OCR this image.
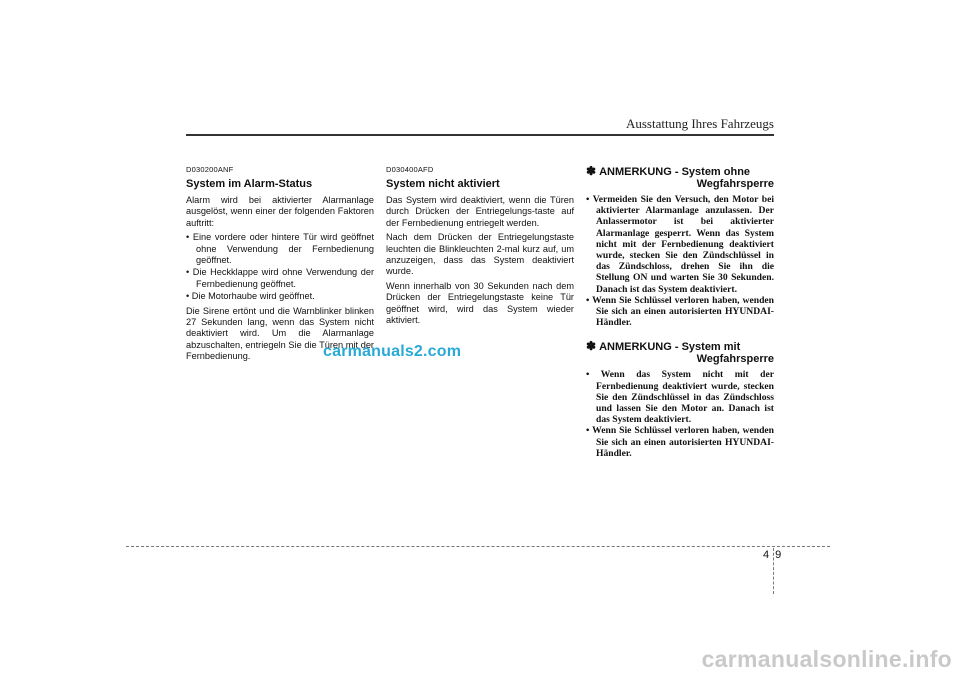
Ausstattung Ihres Fahrzeugs
D030200ANF
System im Alarm-Status

Alarm wird bei aktivierter Alarmanlage ausgelöst, wenn einer der folgenden Faktoren auftritt:

• Eine vordere oder hintere Tür wird geöffnet ohne Verwendung der Fernbedienung geöffnet.
• Die Heckklappe wird ohne Verwendung der Fernbedienung geöffnet.
• Die Motorhaube wird geöffnet.

Die Sirene ertönt und die Warnblinker blinken 27 Sekunden lang, wenn das System nicht deaktiviert wird. Um die Alarmanlage abzuschalten, entriegeln Sie die Türen mit der Fernbedienung.

D030400AFD
System nicht aktiviert

Das System wird deaktiviert, wenn die Türen durch Drücken der Entriegelungs-taste auf der Fernbedienung entriegelt werden.

Nach dem Drücken der Entriegelungstaste leuchten die Blinkleuchten 2-mal kurz auf, um anzuzeigen, dass das System deaktiviert wurde.

Wenn innerhalb von 30 Sekunden nach dem Drücken der Entriegelungstaste keine Tür geöffnet wird, wird das System wieder aktiviert.

✽ ANMERKUNG - System ohne
Wegfahrsperre
• Vermeiden Sie den Versuch, den Motor bei aktivierter Alarmanlage anzulassen. Der Anlassermotor ist bei aktivierter Alarmanlage gesperrt. Wenn das System nicht mit der Fernbedienung deaktiviert wurde, stecken Sie den Zündschlüssel in das Zündschloss, drehen Sie ihn die Stellung ON und warten Sie 30 Sekunden. Danach ist das System deaktiviert.
• Wenn Sie Schlüssel verloren haben, wenden Sie sich an einen autorisierten HYUNDAI-Händler.
✽ ANMERKUNG - System mit
Wegfahrsperre
• Wenn das System nicht mit der Fernbedienung deaktiviert wurde, stecken Sie den Zündschlüssel in das Zündschloss und lassen Sie den Motor an. Danach ist das System deaktiviert.
• Wenn Sie Schlüssel verloren haben, wenden Sie sich an einen autorisierten HYUNDAI-Händler.
carmanuals2.com
4 9
carmanualsonline.info
